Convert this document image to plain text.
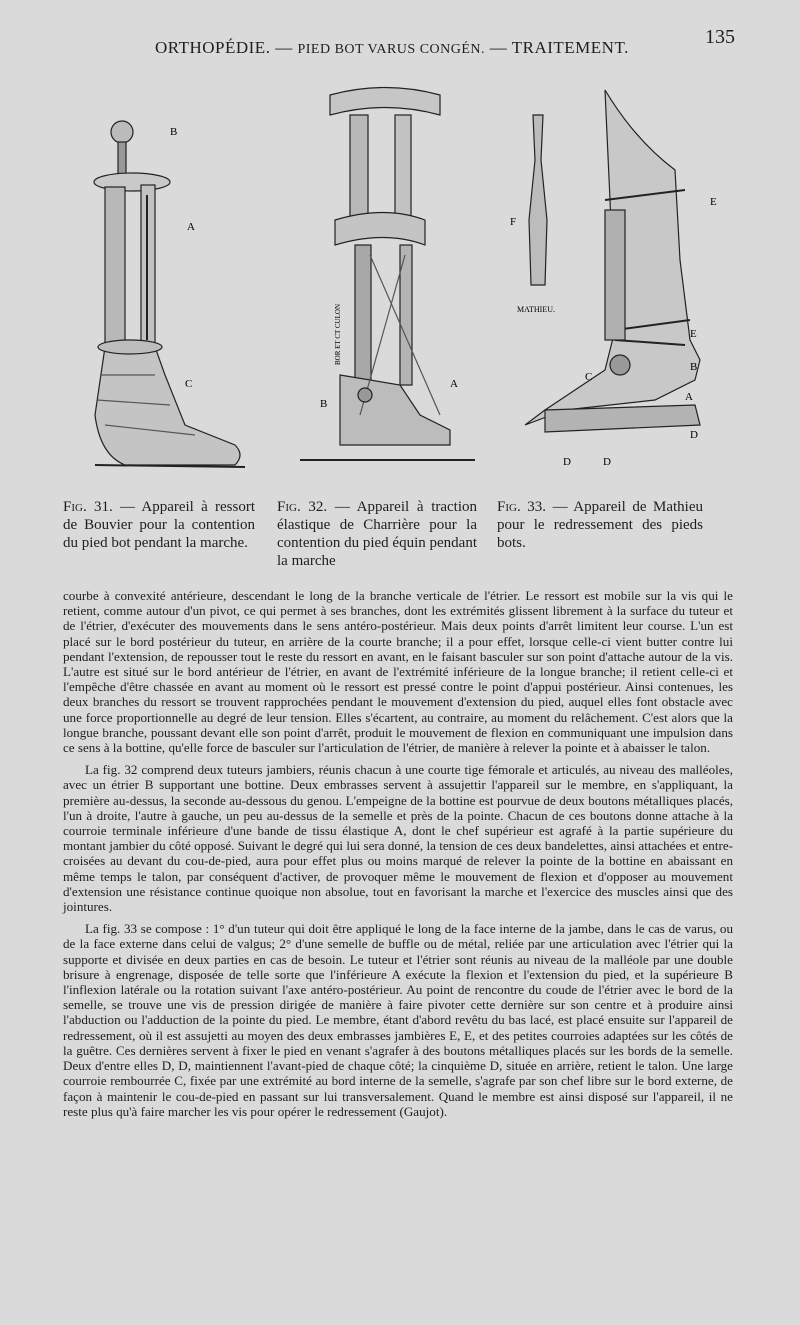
ORTHOPÉDIE. — PIED BOT VARUS CONGÉN. — TRAITEMENT.	135
B
A
C
B
A
BOR ET CT CULON
E
F
E
B
C
A
D
D	D
MATHIEU.
Fig. 31. — Appareil à ressort de Bouvier pour la contention du pied bot pendant la marche.
Fig. 32. — Appareil à traction élastique de Charrière pour la contention du pied équin pendant la marche
Fig. 33. — Appareil de Mathieu pour le redressement des pieds bots.

courbe à convexité antérieure, descendant le long de la branche verticale de l'étrier. Le ressort est mobile sur la vis qui le retient, comme autour d'un pivot, ce qui permet à ses branches, dont les extrémités glissent librement à la surface du tuteur et de l'étrier, d'exécuter des mouvements dans le sens antéro-postérieur. Mais deux points d'arrêt limitent leur course. L'un est placé sur le bord postérieur du tuteur, en arrière de la courte branche; il a pour effet, lorsque celle-ci vient butter contre lui pendant l'extension, de repousser tout le reste du ressort en avant, en le faisant basculer sur son point d'attache autour de la vis. L'autre est situé sur le bord antérieur de l'étrier, en avant de l'extrémité inférieure de la longue branche; il retient celle-ci et l'empêche d'être chassée en avant au moment où le ressort est pressé contre le point d'appui postérieur. Ainsi contenues, les deux branches du ressort se trouvent rapprochées pendant le mouvement d'extension du pied, auquel elles font obstacle avec une force proportionnelle au degré de leur tension. Elles s'écartent, au contraire, au moment du relâchement. C'est alors que la longue branche, poussant devant elle son point d'arrêt, produit le mouvement de flexion en communiquant une impulsion dans ce sens à la bottine, qu'elle force de basculer sur l'articulation de l'étrier, de manière à relever la pointe et à abaisser le talon.

La fig. 32 comprend deux tuteurs jambiers, réunis chacun à une courte tige fémorale et articulés, au niveau des malléoles, avec un étrier B supportant une bottine. Deux embrasses servent à assujettir l'appareil sur le membre, en s'appliquant, la première au-dessus, la seconde au-dessous du genou. L'empeigne de la bottine est pourvue de deux boutons métalliques placés, l'un à droite, l'autre à gauche, un peu au-dessus de la semelle et près de la pointe. Chacun de ces boutons donne attache à la courroie terminale inférieure d'une bande de tissu élastique A, dont le chef supérieur est agrafé à la partie supérieure du montant jambier du côté opposé. Suivant le degré qui lui sera donné, la tension de ces deux bandelettes, ainsi attachées et entre-croisées au devant du cou-de-pied, aura pour effet plus ou moins marqué de relever la pointe de la bottine en abaissant en même temps le talon, par conséquent d'activer, de provoquer même le mouvement de flexion et d'opposer au mouvement d'extension une résistance continue quoique non absolue, tout en favorisant la marche et l'exercice des muscles ainsi que des jointures.

La fig. 33 se compose : 1° d'un tuteur qui doit être appliqué le long de la face interne de la jambe, dans le cas de varus, ou de la face externe dans celui de valgus; 2° d'une semelle de buffle ou de métal, reliée par une articulation avec l'étrier qui la supporte et divisée en deux parties en cas de besoin. Le tuteur et l'étrier sont réunis au niveau de la malléole par une double brisure à engrenage, disposée de telle sorte que l'inférieure A exécute la flexion et l'extension du pied, et la supérieure B l'inflexion latérale ou la rotation suivant l'axe antéro-postérieur. Au point de rencontre du coude de l'étrier avec le bord de la semelle, se trouve une vis de pression dirigée de manière à faire pivoter cette dernière sur son centre et à produire ainsi l'abduction ou l'adduction de la pointe du pied. Le membre, étant d'abord revêtu du bas lacé, est placé ensuite sur l'appareil de redressement, où il est assujetti au moyen des deux embrasses jambières E, E, et des petites courroies adaptées sur les côtés de la guêtre. Ces dernières servent à fixer le pied en venant s'agrafer à des boutons métalliques placés sur les bords de la semelle. Deux d'entre elles D, D, maintiennent l'avant-pied de chaque côté; la cinquième D, située en arrière, retient le talon. Une large courroie rembourrée C, fixée par une extrémité au bord interne de la semelle, s'agrafe par son chef libre sur le bord externe, de façon à maintenir le cou-de-pied en passant sur lui transversalement. Quand le membre est ainsi disposé sur l'appareil, il ne reste plus qu'à faire marcher les vis pour opérer le redressement (Gaujot).
